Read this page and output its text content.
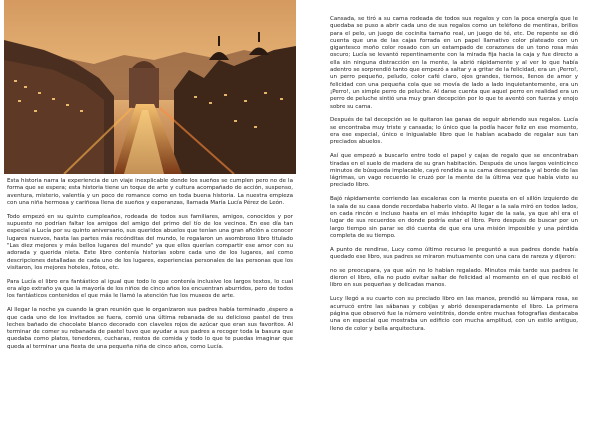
Esta historia narra la experiencia de un viaje inexplicable donde los sueños se cumplen pero no de la forma que se espera; esta historia tiene un toque de arte y cultura acompañado de acción, suspenso, aventura, misterio, valentía y un poco de romance como en toda buena historia. La nuestra empieza con una niña hermosa y cariñosa llena de sueños y esperanzas, llamada María Lucía Pérez de León.

Todo empezó en su quinto cumpleaños, rodeada de todos sus familiares, amigos, conocidos y por supuesto no podrían faltar los amigos del amigo del primo del tío de los vecinos. En ese día tan especial a Lucía por su quinto aniversario, sus queridos abuelos que tenían una gran afición a conocer lugares nuevos, hasta las partes más recónditas del mundo, le regalaron un asombroso libro titulado "Las diez mejores y más bellos lugares del mundo" ya que ellos querían compartir ese amor con su adorada y querida nieta. Este libro contenía historias sobre cada uno de los lugares, así como descripciones detalladas de cada uno de los lugares, experiencias personales de las personas que los visitaron, los mejores hoteles, fotos, etc.

Para Lucía el libro era fantástico al igual que todo lo que contenía inclusive los largos textos, lo cual era algo extraño ya que la mayoría de los niños de cinco años los encuentran aburridos, pero de todos los fantásticos contenidos el que más le llamó la atención fue los museos de arte.

Al llegar la noche ya cuando la gran reunión que le organizaron sus padres había terminado ,éspero a que cada uno de los invitados se fuera, comió una última rebanada de su delicioso pastel de tres leches bañado de chocolate blanco decorado con claveles rojos de azúcar que eran sus favoritos. Al terminar de comer su rebanada de pastel tuvo que ayudar a sus padres a recoger toda la basura que quedaba como platos, tenedores, cucharas, restos de comida y todo lo que te puedas imaginar que queda al terminar una fiesta de una pequeña niña de cinco años, como Lucía.

Cansada, se tiró a su cama rodeada de todos sus regalos y con la poca energía que le quedaba se puso a abrir cada uno de sus regalos como un teléfono de mentiras, brillos para el pelo, un juego de cocinita tamaño real, un juego de té, etc. De repente se dió cuenta que una de las cajas forrada en un papel llamativo color plateado con un gigantesco moño color rosado con un estampado de corazones de un tono rosa más oscuro; Lucía se levantó repentinamente con la mirada fija hacia la caja y fue directo a ella sin ninguna distracción en la mente, la abrió rápidamente y al ver lo que había adentro se sorprendió tanto que empezó a saltar y a gritar de la felicidad, era un ¡Perro!, un perro pequeño, peludo, color café claro, ojos grandes, tiernos, llenos de amor y felicidad con una pequeña cola que se movía de lado a lado inquietantemente, era un ¡Perro!, un simple perro de peluche. Al darse cuenta que aquel perro en realidad era un perro de peluche sintió una muy gran decepción por lo que te aventó con fuerza y enojo sobre su cama.

Después de tal decepción se le quitaron las ganas de seguir abriendo sus regalos. Lucía se encontraba muy triste y cansada; lo único que la podía hacer feliz en ese momento, era ese especial, único e inigualable libro que le habían acabado de regalar sus tan preciados abuelos.

Así que empezó a buscarlo entre todo el papel y cajas de regalo que se encontraban tiradas en el suelo de madera de su gran habitación. Después de unos largos veinticinco minutos de búsqueda implacable, cayó rendida a su cama desesperada y al borde de las lágrimas, un vago recuerdo le cruzó por la mente de la última vez que había visto su preciado libro.

Bajó rápidamente corriendo las escaleras con la mente puesta en el sillón izquierdo de la sala de su casa donde recordaba haberlo visto. Al llegar a la sala miró en todos lados, en cada rincón e incluso hasta en el más inhóspito lugar de la sala, ya que ahí era el lugar de sus recuerdos en donde podría estar el libro. Pero después de buscar por un largo tiempo sin parar se dió cuenta de que era una misión imposible y una pérdida completa de su tiempo.

A punto de rendirse, Lucy como último recurso le preguntó a sus padres donde había quedado ese libro, sus padres se miraron mutuamente con una cara de rareza y dijeron:

no se preocupara, ya que aún no lo habían regalado. Minutos más tarde sus padres le dieron el libro, ella no pudo evitar saltar de felicidad al momento en el que recibió el libro en sus pequeñas y delicadas manos.

Lucy llegó a su cuarto con su preciado libro en las manos, prendió su lámpara rosa, se acurrucó entre las sábanas y cobijas y abrió desesperadamente el libro. La primera página que observó fue la número veintitrés, donde entre muchas fotografías destacaba una en especial que mostraba un edificio con mucha amplitud, con un estilo antiguo, lleno de color y bella arquitectura.
